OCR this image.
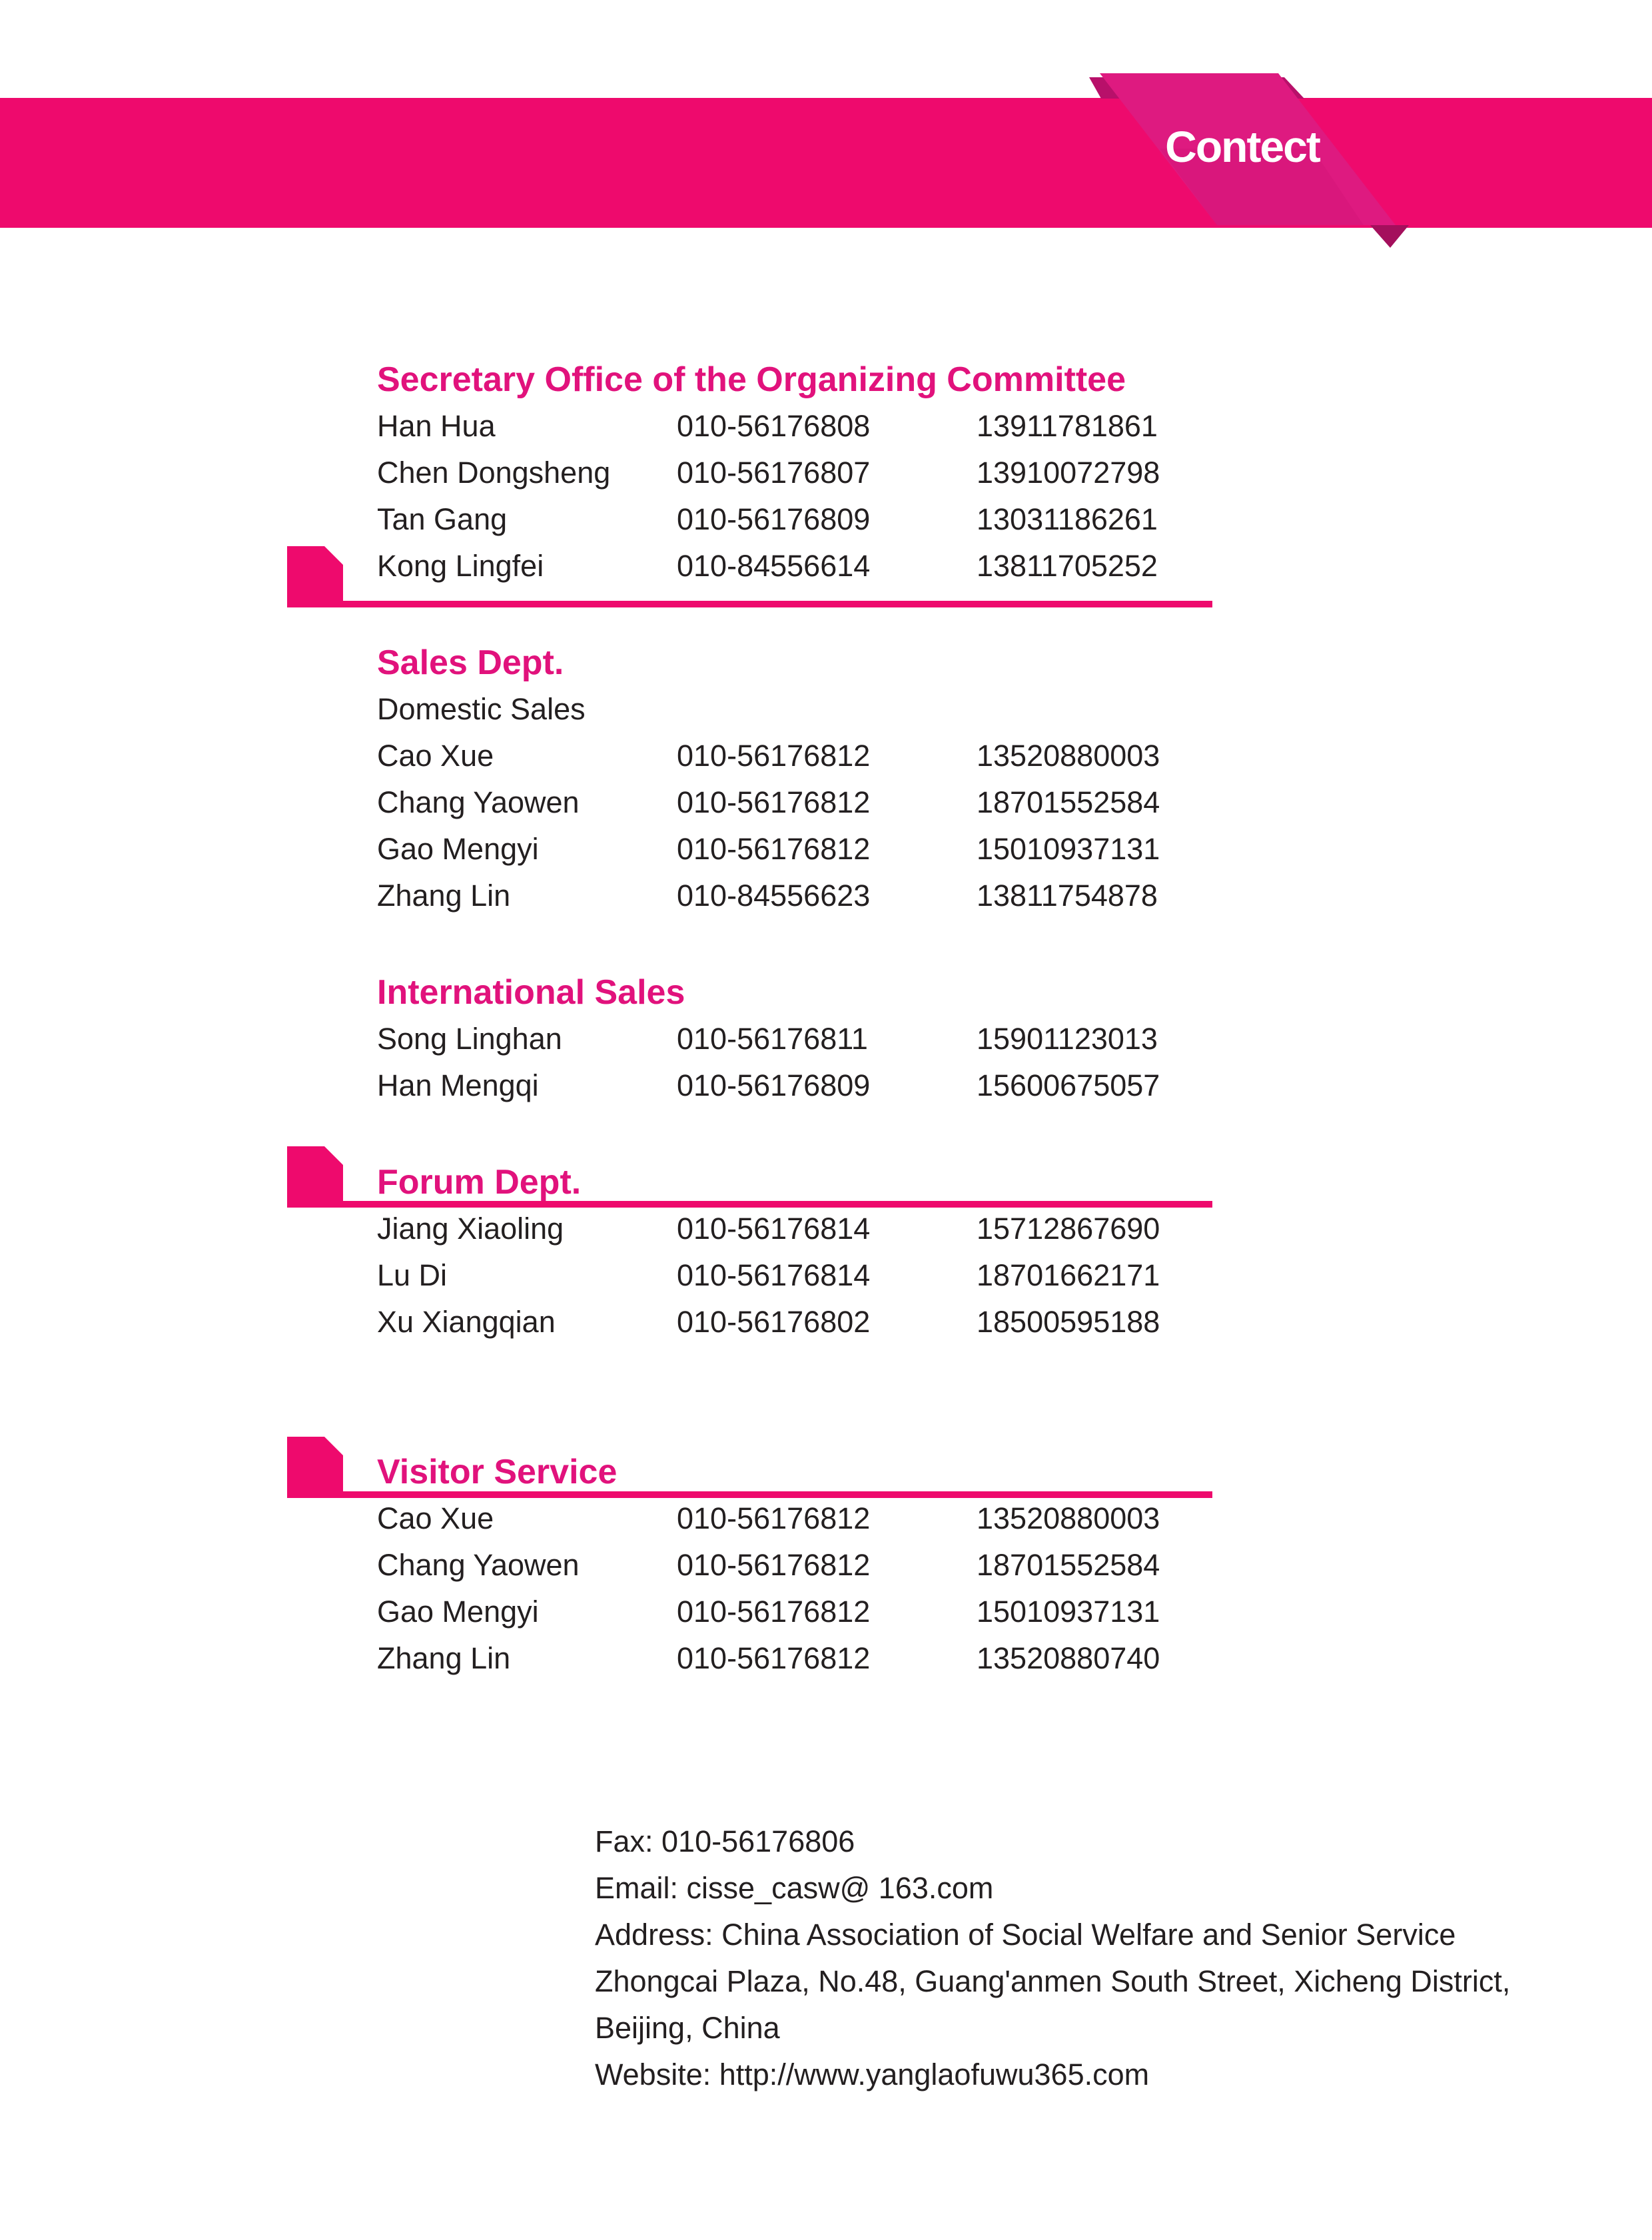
Contect
Secretary Office of the Organizing Committee
Han Hua	010-56176808	13911781861
Chen Dongsheng 010-56176807	13910072798
Tan Gang	010-56176809	13031186261
Kong Lingfei	010-84556614	13811705252
Sales Dept.
Domestic Sales
Cao Xue	010-56176812	13520880003
Chang Yaowen	010-56176812	18701552584
Gao Mengyi	010-56176812	15010937131
Zhang Lin	010-84556623	13811754878
International Sales
Song Linghan	010-56176811	15901123013
Han Mengqi	010-56176809	15600675057
Forum Dept.
Jiang Xiaoling	010-56176814	15712867690
Lu Di	010-56176814	18701662171
Xu Xiangqian	010-56176802	18500595188
Visitor Service
Cao Xue	010-56176812	13520880003
Chang Yaowen	010-56176812	18701552584
Gao Mengyi	010-56176812	15010937131
Zhang Lin	010-56176812	13520880740
Fax: 010-56176806
Email: cisse_casw@ 163.com
Address: China Association of Social Welfare and Senior Service
Zhongcai Plaza, No.48, Guang'anmen South Street, Xicheng District,
Beijing, China
Website: http://www.yanglaofuwu365.com
